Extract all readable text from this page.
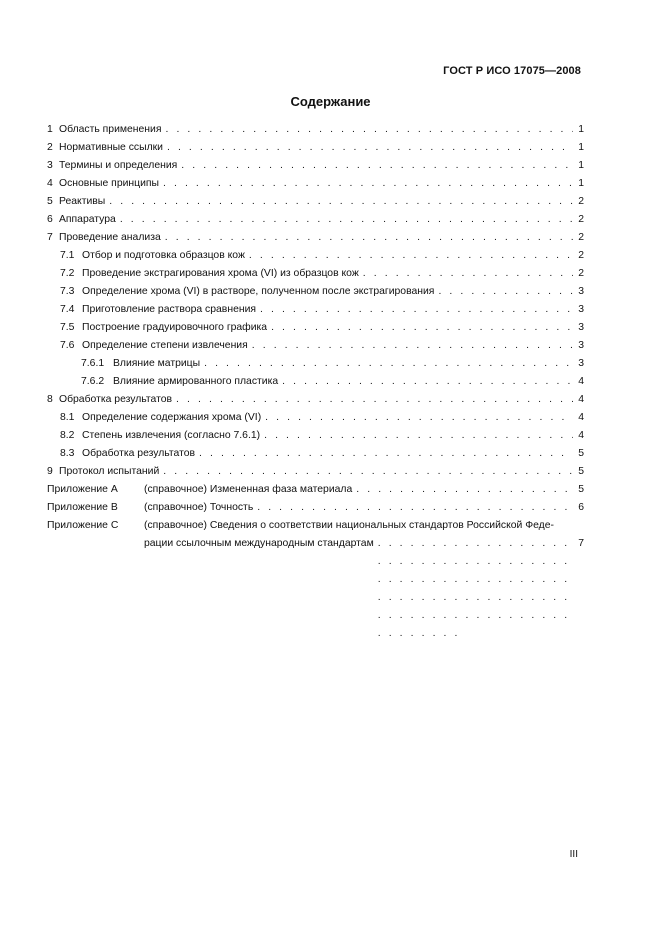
ГОСТ Р ИСО 17075—2008
Содержание
1 Область применения . . .	1
2 Нормативные ссылки . . .	1
3 Термины и определения . . .	1
4 Основные принципы . . .	1
5 Реактивы . . .	2
6 Аппаратура . . .	2
7 Проведение анализа . . .	2
7.1 Отбор и подготовка образцов кож . . .	2
7.2 Проведение экстрагирования хрома (VI) из образцов кож . . .	2
7.3 Определение хрома (VI) в растворе, полученном после экстрагирования . . .	3
7.4 Приготовление раствора сравнения . . .	3
7.5 Построение градуировочного графика . . .	3
7.6 Определение степени извлечения . . .	3
7.6.1 Влияние матрицы . . .	3
7.6.2 Влияние армированного пластика . . .	4
8 Обработка результатов . . .	4
8.1 Определение содержания хрома (VI) . . .	4
8.2 Степень извлечения (согласно 7.6.1) . . .	4
8.3 Обработка результатов . . .	5
9 Протокол испытаний . . .	5
Приложение А	(справочное) Измененная фаза материала . . .	5
Приложение В	(справочное) Точность . . .	6
Приложение С	(справочное) Сведения о соответствии национальных стандартов Российской Феде-
рации ссылочным международным стандартам . . .	7
III
